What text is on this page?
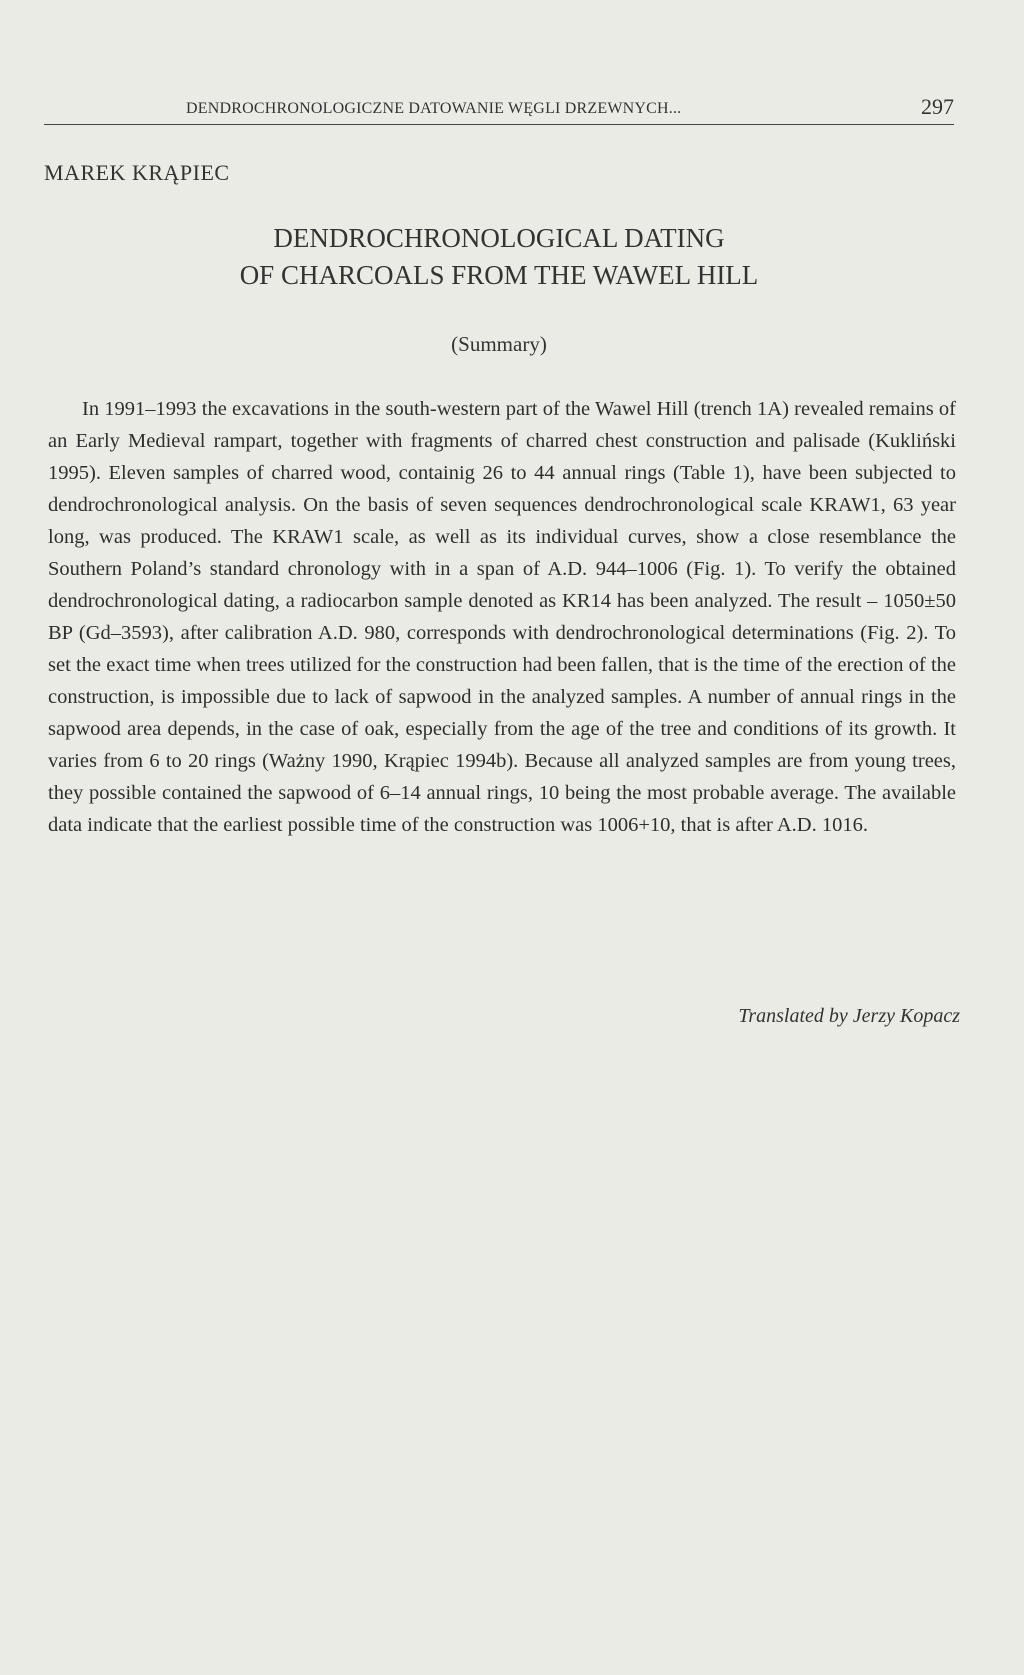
DENDROCHRONOLOGICZNE DATOWANIE WĘGLI DRZEWNYCH...	297
MAREK KRĄPIEC
DENDROCHRONOLOGICAL DATING
OF CHARCOALS FROM THE WAWEL HILL
(Summary)

In 1991–1993 the excavations in the south-western part of the Wawel Hill (trench 1A) revealed remains of an Early Medieval rampart, together with fragments of charred chest construction and palisade (Kukliński 1995). Eleven samples of charred wood, containig 26 to 44 annual rings (Table 1), have been subjected to dendrochronological analysis. On the basis of seven sequences dendrochronological scale KRAW1, 63 year long, was produced. The KRAW1 scale, as well as its individual curves, show a close resemblance the Southern Poland’s standard chronology with in a span of A.D. 944–1006 (Fig. 1). To verify the obtained dendrochronological dating, a radiocarbon sample denoted as KR14 has been analyzed. The result – 1050±50 BP (Gd–3593), after calibration A.D. 980, corresponds with dendrochronological determinations (Fig. 2). To set the exact time when trees utilized for the construction had been fallen, that is the time of the erection of the construction, is impossible due to lack of sapwood in the analyzed samples. A number of annual rings in the sapwood area depends, in the case of oak, especially from the age of the tree and conditions of its growth. It varies from 6 to 20 rings (Ważny 1990, Krąpiec 1994b). Because all analyzed samples are from young trees, they possible contained the sapwood of 6–14 annual rings, 10 being the most probable average. The available data indicate that the earliest possible time of the construction was 1006+10, that is after A.D. 1016.

Translated by Jerzy Kopacz
